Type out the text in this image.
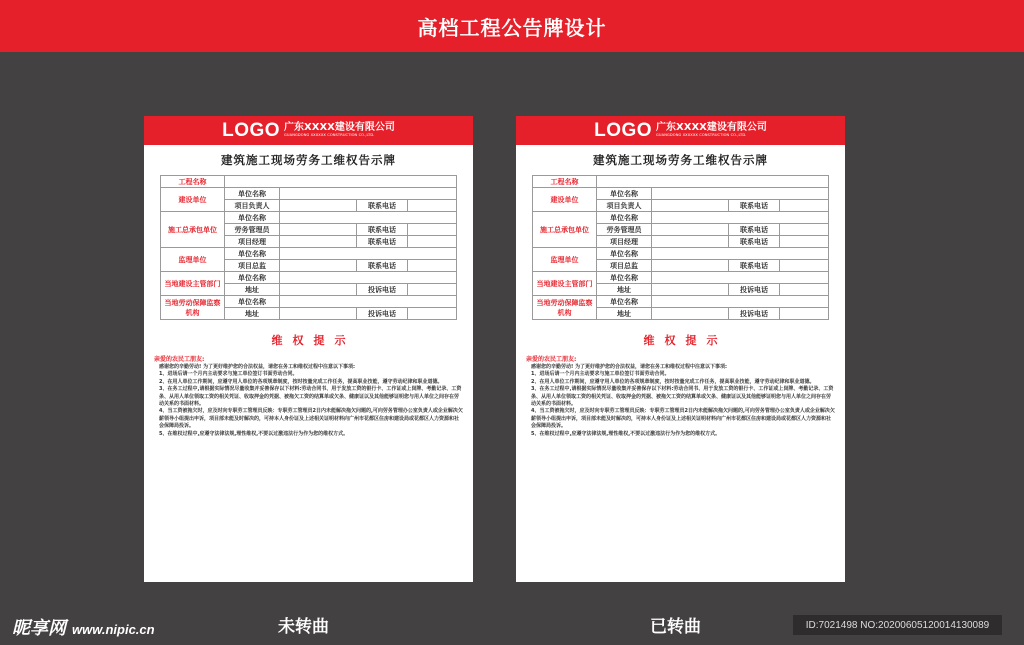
高档工程公告牌设计
LOGO 广东XXXX建设有限公司
GUANGDONG XXXXXX CONSTRUCTION CO.,LTD.
建筑施工现场劳务工维权告示牌
工程名称				
建设单位	单位名称			
	项目负责人		联系电话	
施工总承包单位	单位名称			
	劳务管理员		联系电话	
	项目经理		联系电话	
监理单位	单位名称			
	项目总监		联系电话	
当地建设主管部门	单位名称			
	地址		投诉电话	
当地劳动保障监察机构	单位名称			
	地址		投诉电话	
维权提示

亲爱的农民工朋友:

感谢您的辛勤劳动! 为了更好维护您的合法权益，请您在务工和维权过程中注意以下事项:

1、进场后请一个月内主动要求与施工单位签订书面劳动合同。

2、在用人单位工作期间，应遵守用人单位的各项规章制度，按时按量完成工作任务，提高职业技能，遵守劳动纪律和职业道德。

3、在务工过程中,请根据实际情况尽量收集并妥善保存以下材料:劳动合同书、用于发放工资的银行卡、工作证或上岗牌、考勤记录、工资条、从用人单位领取工资的相关凭证、收取押金的凭据、被拖欠工资的结算单或欠条、健康证以及其他能够证明您与用人单位之间存在劳动关系的书面材料。

4、当工资被拖欠时，应及时向专职劳工管理员反映：专职劳工管理员2日内未能解决拖欠问题的,可向劳务管理办公室负责人或企业解决欠薪领导小组提出申诉，项目部未能及时解决的，可持本人身份证及上述相关证明材料向广州市花都区住房和建设局或花都区人力资源和社会保障局投诉。

5、在维权过程中,应遵守法律法规,理性维权,不要以过激违法行为作为您的维权方式。

LOGO 广东XXXX建设有限公司
GUANGDONG XXXXXX CONSTRUCTION CO.,LTD.
建筑施工现场劳务工维权告示牌
工程名称				
建设单位	单位名称			
	项目负责人		联系电话	
施工总承包单位	单位名称			
	劳务管理员		联系电话	
	项目经理		联系电话	
监理单位	单位名称			
	项目总监		联系电话	
当地建设主管部门	单位名称			
	地址		投诉电话	
当地劳动保障监察机构	单位名称			
	地址		投诉电话	
维权提示

亲爱的农民工朋友:

感谢您的辛勤劳动! 为了更好维护您的合法权益，请您在务工和维权过程中注意以下事项:

1、进场后请一个月内主动要求与施工单位签订书面劳动合同。

2、在用人单位工作期间，应遵守用人单位的各项规章制度，按时按量完成工作任务，提高职业技能，遵守劳动纪律和职业道德。

3、在务工过程中,请根据实际情况尽量收集并妥善保存以下材料:劳动合同书、用于发放工资的银行卡、工作证或上岗牌、考勤记录、工资条、从用人单位领取工资的相关凭证、收取押金的凭据、被拖欠工资的结算单或欠条、健康证以及其他能够证明您与用人单位之间存在劳动关系的书面材料。

4、当工资被拖欠时，应及时向专职劳工管理员反映：专职劳工管理员2日内未能解决拖欠问题的,可向劳务管理办公室负责人或企业解决欠薪领导小组提出申诉，项目部未能及时解决的，可持本人身份证及上述相关证明材料向广州市花都区住房和建设局或花都区人力资源和社会保障局投诉。

5、在维权过程中,应遵守法律法规,理性维权,不要以过激违法行为作为您的维权方式。

昵享网 www.nipic.cn	未转曲	已转曲	ID:7021498 NO:20200605120014130089
